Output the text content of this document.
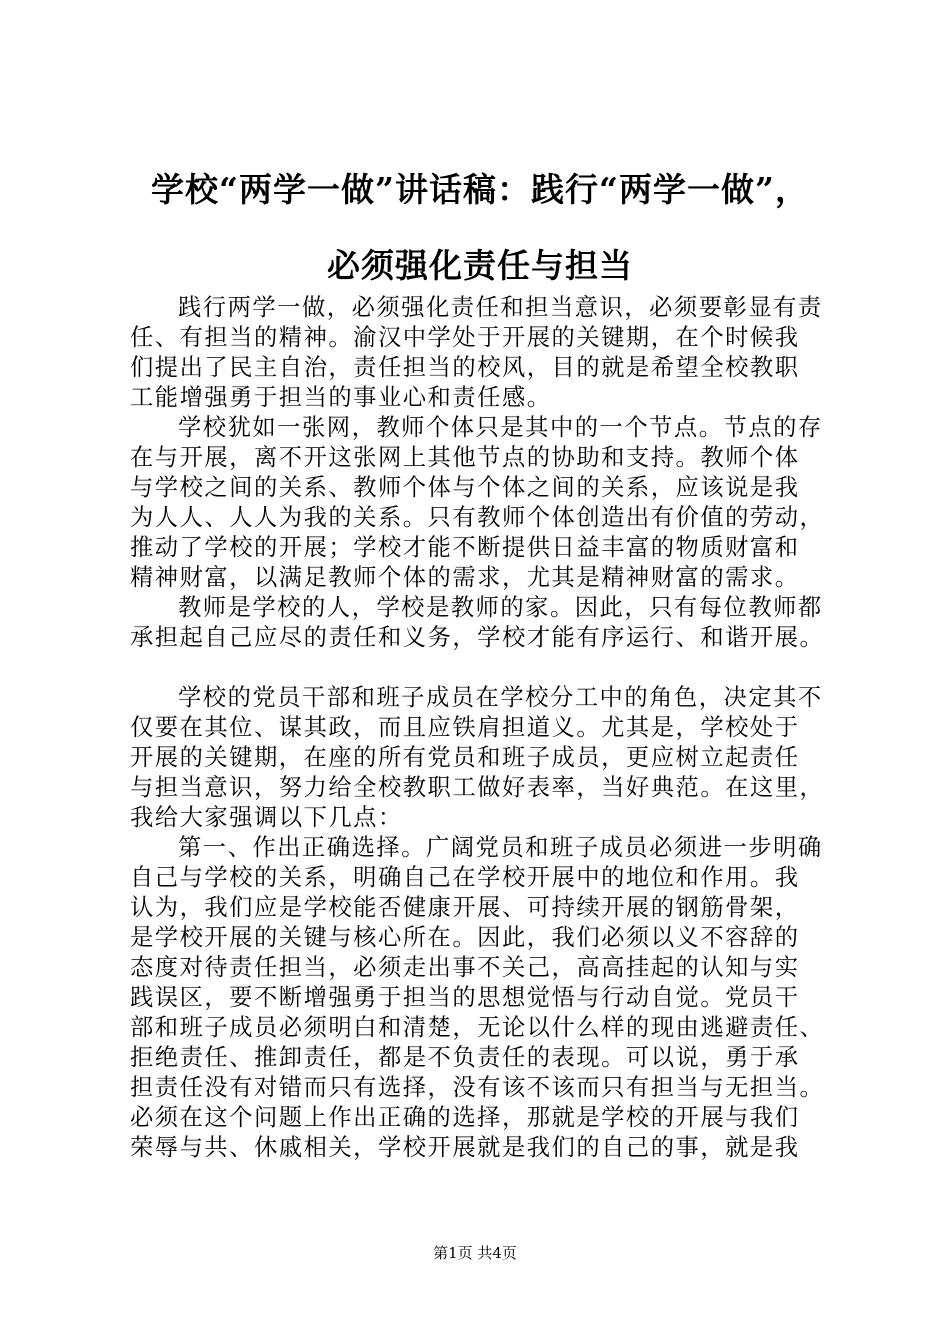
学校“两学一做”讲话稿：践行“两学一做”，
必须强化责任与担当

践行两学一做，必须强化责任和担当意识，必须要彰显有责
任、有担当的精神。渝汉中学处于开展的关键期，在个时候我
们提出了民主自治，责任担当的校风，目的就是希望全校教职
工能增强勇于担当的事业心和责任感。

学校犹如一张网，教师个体只是其中的一个节点。节点的存
在与开展，离不开这张网上其他节点的协助和支持。教师个体
与学校之间的关系、教师个体与个体之间的关系，应该说是我
为人人、人人为我的关系。只有教师个体创造出有价值的劳动，
推动了学校的开展；学校才能不断提供日益丰富的物质财富和
精神财富，以满足教师个体的需求，尤其是精神财富的需求。

教师是学校的人，学校是教师的家。因此，只有每位教师都
承担起自己应尽的责任和义务，学校才能有序运行、和谐开展。

学校的党员干部和班子成员在学校分工中的角色，决定其不
仅要在其位、谋其政，而且应铁肩担道义。尤其是，学校处于
开展的关键期，在座的所有党员和班子成员，更应树立起责任
与担当意识，努力给全校教职工做好表率，当好典范。在这里，
我给大家强调以下几点：

第一、作出正确选择。广阔党员和班子成员必须进一步明确
自己与学校的关系，明确自己在学校开展中的地位和作用。我
认为，我们应是学校能否健康开展、可持续开展的钢筋骨架，
是学校开展的关键与核心所在。因此，我们必须以义不容辞的
态度对待责任担当，必须走出事不关己，高高挂起的认知与实
践误区，要不断增强勇于担当的思想觉悟与行动自觉。党员干
部和班子成员必须明白和清楚，无论以什么样的现由逃避责任、
拒绝责任、推卸责任，都是不负责任的表现。可以说，勇于承
担责任没有对错而只有选择，没有该不该而只有担当与无担当。
必须在这个问题上作出正确的选择，那就是学校的开展与我们
荣辱与共、休戚相关，学校开展就是我们的自己的事，就是我

第1页 共4页
